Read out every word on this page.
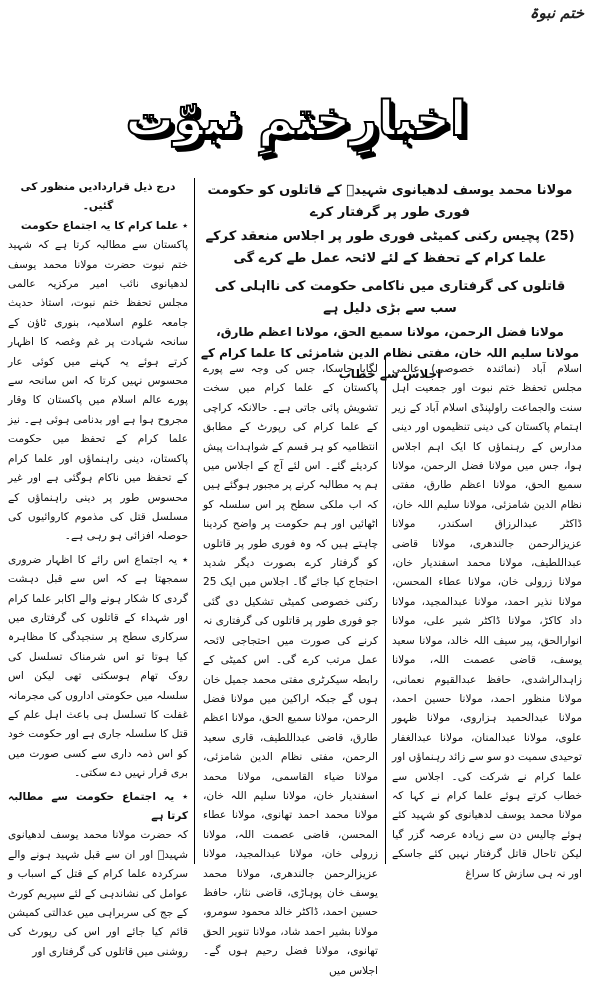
ختم نبوۃ
اخبارِختمِ نبوّت

مولانا محمد یوسف لدھیانوی شہیدؒ کے قاتلوں کو حکومت فوری طور پر گرفتار کرے

(25) پچیس رکنی کمیٹی فوری طور پر اجلاس منعقد کرکے علما کرام کے تحفظ کے لئے لائحہ عمل طے کرے گی

قاتلوں کی گرفتاری میں ناکامی حکومت کی نااہلی کی سب سے بڑی دلیل ہے

مولانا فضل الرحمن، مولانا سمیع الحق، مولانا اعظم طارق، مولانا سلیم اللہ خان، مفتی نظام الدین شامزئی کا علما کرام کے اجلاس سے خطاب

اسلام آباد (نمائندہ خصوصی) عالمی مجلس تحفظ ختم نبوت اور جمعیت اہل سنت والجماعت راولپنڈی اسلام آباد کے زیر اہتمام پاکستان کی دینی تنظیموں اور دینی مدارس کے رہنماؤں کا ایک اہم اجلاس ہوا، جس میں مولانا فضل الرحمن، مولانا سمیع الحق، مولانا اعظم طارق، مفتی نظام الدین شامزئی، مولانا سلیم اللہ خان، ڈاکٹر عبدالرزاق اسکندر، مولانا عزیزالرحمن جالندھری، مولانا قاضی عبداللطیف، مولانا محمد اسفندیار خان، مولانا زرولی خان، مولانا عطاء المحسن، مولانا نذیر احمد، مولانا عبدالمجید، مولانا داد کاکڑ، مولانا ڈاکٹر شیر علی، مولانا انوارالحق، پیر سیف اللہ خالد، مولانا سعید یوسف، قاضی عصمت اللہ، مولانا زاہدالراشدی، حافظ عبدالقیوم نعمانی، مولانا منظور احمد، مولانا حسین احمد، مولانا عبدالحمید ہزاروی، مولانا ظہور علوی، مولانا عبدالمنان، مولانا عبدالغفار توحیدی سمیت دو سو سے زائد رہنماؤں اور علما کرام نے شرکت کی۔ اجلاس سے خطاب کرتے ہوئے علما کرام نے کہا کہ مولانا محمد یوسف لدھیانوی کو شہید کئے ہوئے چالیس دن سے زیادہ عرصہ گزر گیا لیکن تاحال قاتل گرفتار نہیں کئے جاسکے اور نہ ہی سازش کا سراغ

لگایا جاسکا، جس کی وجہ سے پورے پاکستان کے علما کرام میں سخت تشویش پائی جاتی ہے۔ حالانکہ کراچی کے علما کرام کی رپورٹ کے مطابق انتظامیہ کو ہر قسم کے شواہدات پیش کردیئے گئے۔ اس لئے آج کے اجلاس میں ہم یہ مطالبہ کرنے پر مجبور ہوگئے ہیں کہ اب ملکی سطح پر اس سلسلہ کو اٹھائیں اور ہم حکومت پر واضح کردینا چاہتے ہیں کہ وہ فوری طور پر قاتلوں کو گرفتار کرے بصورت دیگر شدید احتجاج کیا جائے گا۔ اجلاس میں ایک 25 رکنی خصوصی کمیٹی تشکیل دی گئی جو فوری طور پر قاتلوں کی گرفتاری نہ کرنے کی صورت میں احتجاجی لائحہ عمل مرتب کرے گی۔ اس کمیٹی کے رابطہ سیکرٹری مفتی محمد جمیل خان ہوں گے جبکہ اراکین میں مولانا فضل الرحمن، مولانا سمیع الحق، مولانا اعظم طارق، قاضی عبداللطیف، قاری سعید الرحمن، مفتی نظام الدین شامزئی، مولانا ضیاء القاسمی، مولانا محمد اسفندیار خان، مولانا سلیم اللہ خان، مولانا محمد احمد تھانوی، مولانا عطاء المحسن، قاضی عصمت اللہ، مولانا زرولی خان، مولانا عبدالمجید، مولانا عزیزالرحمن جالندھری، مولانا محمد یوسف خان پوہاڑی، قاضی نثار، حافظ حسین احمد، ڈاکٹر خالد محمود سومرو، مولانا بشیر احمد شاد، مولانا تنویر الحق تھانوی، مولانا فضل رحیم ہوں گے۔ اجلاس میں

درج ذیل قراردادیں منظور کی گئیں۔

٭ علما کرام کا یہ اجتماع حکومت

پاکستان سے مطالبہ کرتا ہے کہ شہید ختم نبوت حضرت مولانا محمد یوسف لدھیانوی نائب امیر مرکزیہ عالمی مجلس تحفظ ختم نبوت، استاذ حدیث جامعہ علوم اسلامیہ، بنوری ٹاؤن کے سانحہ شہادت پر غم وغصہ کا اظہار کرتے ہوئے یہ کہنے میں کوئی عار محسوس نہیں کرتا کہ اس سانحہ سے پورے عالم اسلام میں پاکستان کا وقار مجروح ہوا ہے اور بدنامی ہوئی ہے۔ نیز علما کرام کے تحفظ میں حکومت پاکستان، دینی راہنماؤں اور علما کرام کے تحفظ میں ناکام ہوگئی ہے اور غیر محسوس طور پر دینی راہنماؤں کے مسلسل قتل کی مذموم کاروائیوں کی حوصلہ افزائی ہو رہی ہے۔

٭ یہ اجتماع اس رائے کا اظہار ضروری سمجھتا ہے کہ اس سے قبل دہشت گردی کا شکار ہونے والے اکابر علما کرام اور شہداء کے قاتلوں کی گرفتاری میں سرکاری سطح پر سنجیدگی کا مظاہرہ کیا ہوتا تو اس شرمناک تسلسل کی روک تھام ہوسکتی تھی لیکن اس سلسلہ میں حکومتی اداروں کی مجرمانہ غفلت کا تسلسل ہی باعث اہل علم کے قتل کا سلسلہ جاری ہے اور حکومت خود کو اس ذمہ داری سے کسی صورت میں بری قرار نہیں دے سکتی۔

٭ یہ اجتماع حکومت سے مطالبہ کرتا ہے

کہ حضرت مولانا محمد یوسف لدھیانوی شہیدؒ اور ان سے قبل شہید ہونے والے سرکردہ علما کرام کے قتل کے اسباب و عوامل کی نشاندہی کے لئے سپریم کورٹ کے جج کی سربراہی میں عدالتی کمیشن قائم کیا جائے اور اس کی رپورٹ کی روشنی میں قاتلوں کی گرفتاری اور
